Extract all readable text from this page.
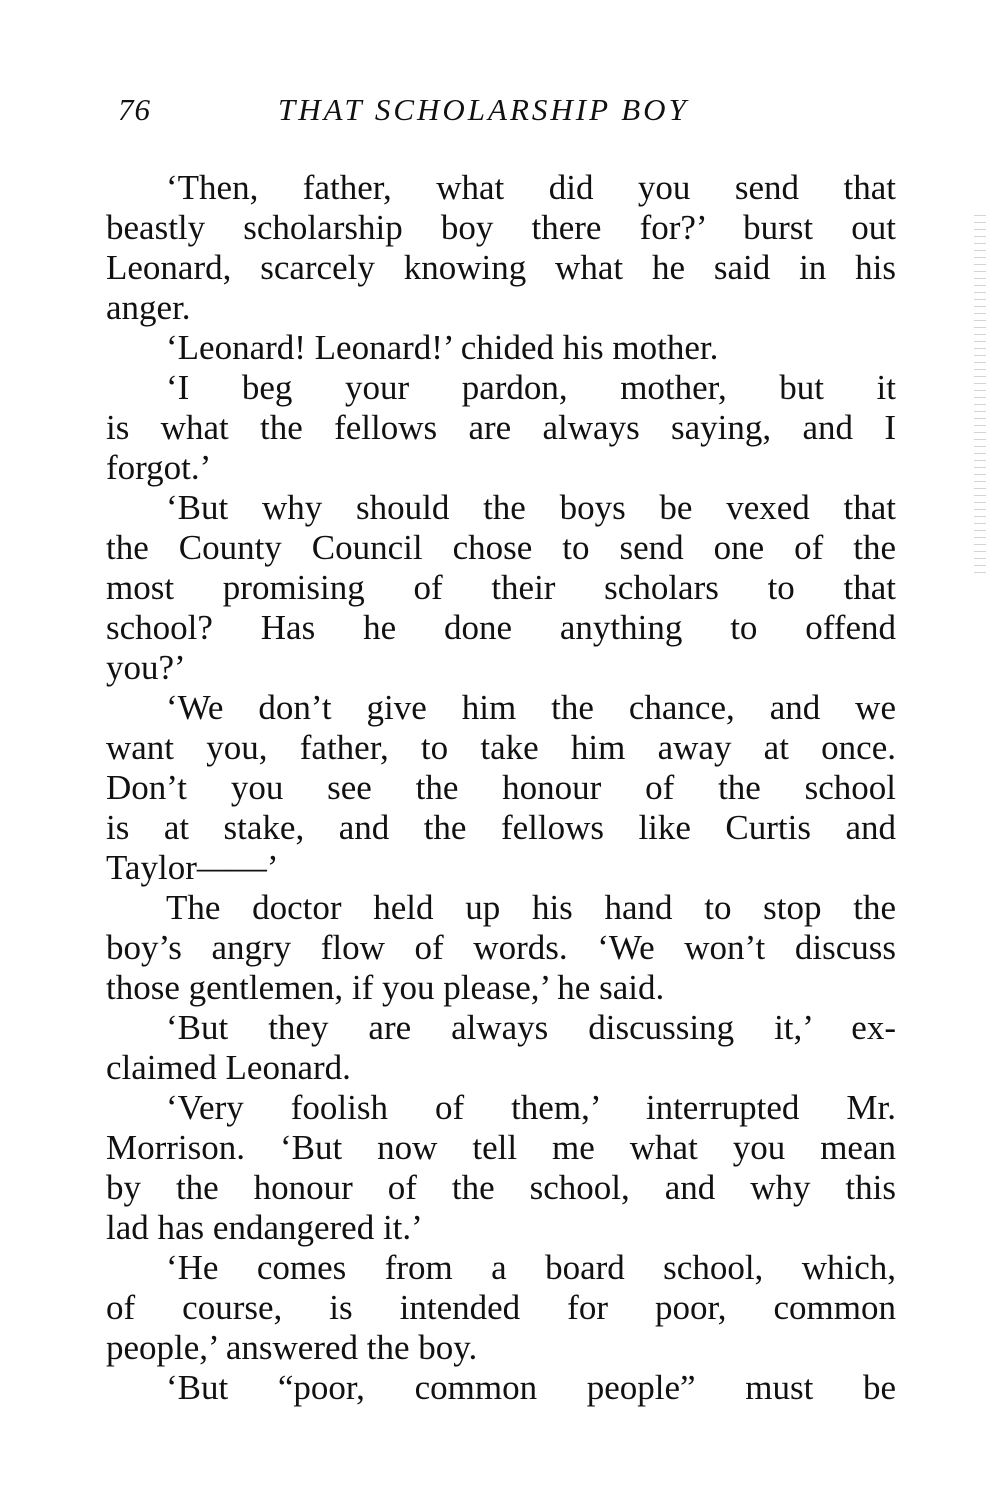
76	THAT SCHOLARSHIP BOY
‘Then, father, what did you send that
beastly scholarship boy there for?’ burst out
Leonard, scarcely knowing what he said in his
anger.
‘Leonard! Leonard!’ chided his mother.
‘I beg your pardon, mother, but it
is what the fellows are always saying, and I
forgot.’
‘But why should the boys be vexed that
the County Council chose to send one of the
most promising of their scholars to that
school? Has he done anything to offend
you?’
‘We don’t give him the chance, and we
want you, father, to take him away at once.
Don’t you see the honour of the school
is at stake, and the fellows like Curtis and
Taylor——’
The doctor held up his hand to stop the
boy’s angry flow of words. ‘We won’t discuss
those gentlemen, if you please,’ he said.
‘But they are always discussing it,’ ex-
claimed Leonard.
‘Very foolish of them,’ interrupted Mr.
Morrison. ‘But now tell me what you mean
by the honour of the school, and why this
lad has endangered it.’
‘He comes from a board school, which,
of course, is intended for poor, common
people,’ answered the boy.
‘But “poor, common people” must be
